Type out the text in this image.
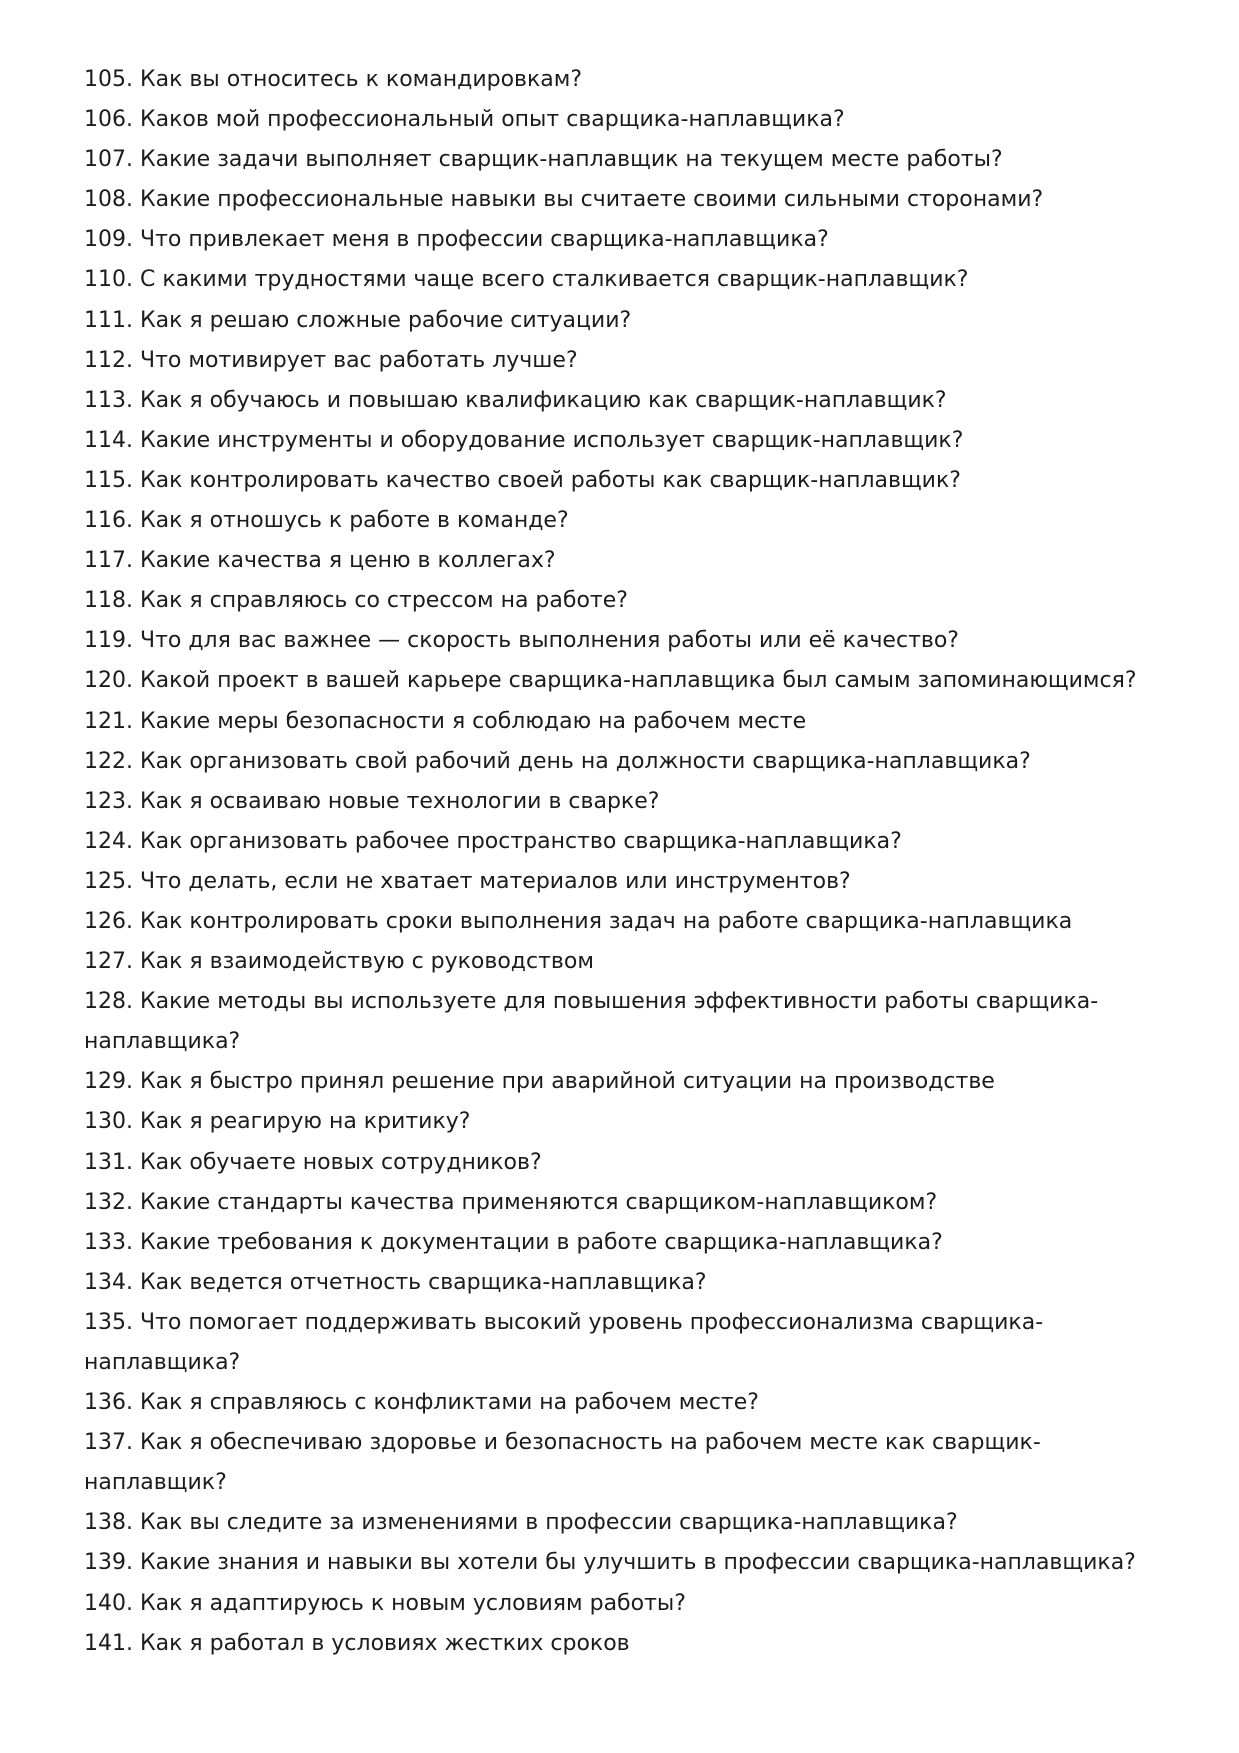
105 . Как вы относитесь к командировкам?
106 . Каков мой профессиональный опыт сварщика-наплавщика?
107 . Какие задачи выполняет сварщик-наплавщик на текущем месте работы?
108 . Какие профессиональные навыки вы считаете своими сильными сторонами?
109 . Что привлекает меня в профессии сварщика-наплавщика?
110 . С какими трудностями чаще всего сталкивается сварщик-наплавщик?
111 . Как я решаю сложные рабочие ситуации?
112 . Что мотивирует вас работать лучше?
113 . Как я обучаюсь и повышаю квалификацию как сварщик-наплавщик?
114 . Какие инструменты и оборудование использует сварщик-наплавщик?
115 . Как контролировать качество своей работы как сварщик-наплавщик?
116 . Как я отношусь к работе в команде?
117 . Какие качества я ценю в коллегах?
118 . Как я справляюсь со стрессом на работе?
119 . Что для вас важнее — скорость выполнения работы или её качество?
120 . Какой проект в вашей карьере сварщика-наплавщика был самым запоминающимся?
121 . Какие меры безопасности я соблюдаю на рабочем месте
122 . Как организовать свой рабочий день на должности сварщика-наплавщика?
123 . Как я осваиваю новые технологии в сварке?
124 . Как организовать рабочее пространство сварщика-наплавщика?
125 . Что делать, если не хватает материалов или инструментов?
126 . Как контролировать сроки выполнения задач на работе сварщика-наплавщика
127 . Как я взаимодействую с руководством
128 . Какие методы вы используете для повышения эффективности работы сварщика-наплавщика?
129 . Как я быстро принял решение при аварийной ситуации на производстве
130 . Как я реагирую на критику?
131 . Как обучаете новых сотрудников?
132 . Какие стандарты качества применяются сварщиком-наплавщиком?
133 . Какие требования к документации в работе сварщика-наплавщика?
134 . Как ведется отчетность сварщика-наплавщика?
135 . Что помогает поддерживать высокий уровень профессионализма сварщика-наплавщика?
136 . Как я справляюсь с конфликтами на рабочем месте?
137 . Как я обеспечиваю здоровье и безопасность на рабочем месте как сварщик-наплавщик?
138 . Как вы следите за изменениями в профессии сварщика-наплавщика?
139 . Какие знания и навыки вы хотели бы улучшить в профессии сварщика-наплавщика?
140 . Как я адаптируюсь к новым условиям работы?
141 . Как я работал в условиях жестких сроков
